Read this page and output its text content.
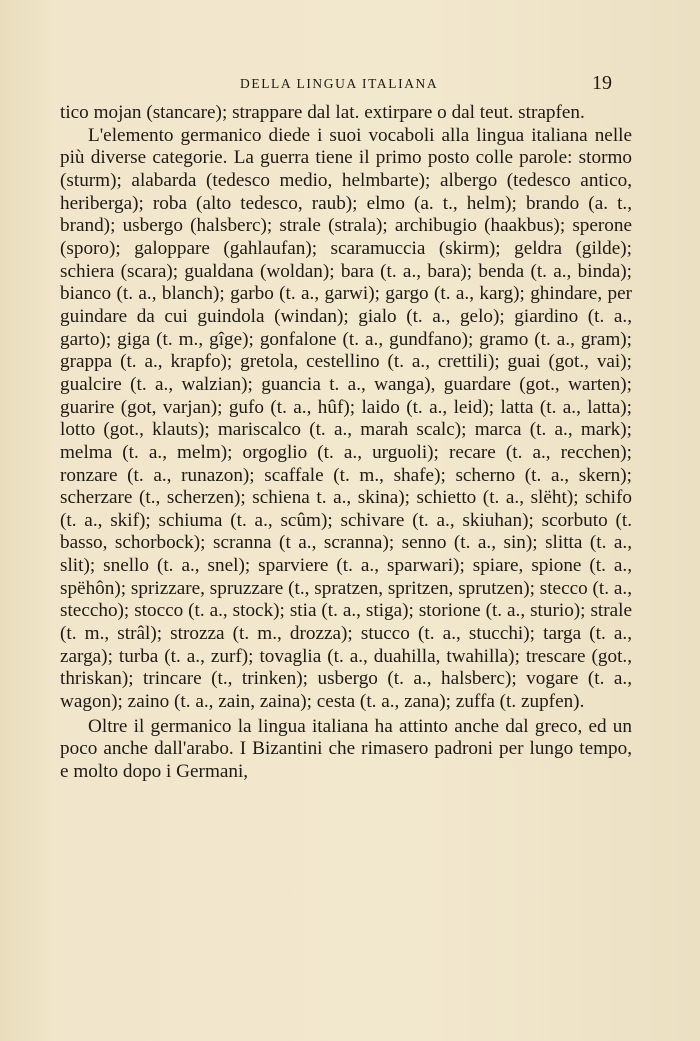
DELLA LINGUA ITALIANA	19

tico mojan (stancare); strappare dal lat. extirpare o dal teut. strapfen.

L'elemento germanico diede i suoi vocaboli alla lingua italiana nelle più diverse categorie. La guerra tiene il primo posto colle parole: stormo (sturm); alabarda (tedesco medio, helmbarte); albergo (tedesco antico, heriberga); roba (alto tedesco, raub); elmo (a. t., helm); brando (a. t., brand); usbergo (halsberc); strale (strala); archibugio (haakbus); sperone (sporo); galoppare (gahlaufan); scaramuccia (skirm); geldra (gilde); schiera (scara); gualdana (woldan); bara (t. a., bara); benda (t. a., binda); bianco (t. a., blanch); garbo (t. a., garwi); gargo (t. a., karg); ghindare, per guindare da cui guindola (windan); gialo (t. a., gelo); giardino (t. a., garto); giga (t. m., gîge); gonfalone (t. a., gundfano); gramo (t. a., gram); grappa (t. a., krapfo); gretola, cestellino (t. a., crettili); guai (got., vai); gualcire (t. a., walzian); guancia t. a., wanga), guardare (got., warten); guarire (got, varjan); gufo (t. a., hûf); laido (t. a., leid); latta (t. a., latta); lotto (got., klauts); mariscalco (t. a., marah scalc); marca (t. a., mark); melma (t. a., melm); orgoglio (t. a., urguoli); recare (t. a., recchen); ronzare (t. a., runazon); scaffale (t. m., shafe); scherno (t. a., skern); scherzare (t., scherzen); schiena t. a., skina); schietto (t. a., slëht); schifo (t. a., skif); schiuma (t. a., scûm); schivare (t. a., skiuhan); scorbuto (t. basso, schorbock); scranna (t a., scranna); senno (t. a., sin); slitta (t. a., slit); snello (t. a., snel); sparviere (t. a., sparwari); spiare, spione (t. a., spëhôn); sprizzare, spruzzare (t., spratzen, spritzen, sprutzen); stecco (t. a., steccho); stocco (t. a., stock); stia (t. a., stiga); storione (t. a., sturio); strale (t. m., strâl); strozza (t. m., drozza); stucco (t. a., stucchi); targa (t. a., zarga); turba (t. a., zurf); tovaglia (t. a., duahilla, twahilla); trescare (got., thriskan); trincare (t., trinken); usbergo (t. a., halsberc); vogare (t. a., wagon); zaino (t. a., zain, zaina); cesta (t. a., zana); zuffa (t. zupfen).

Oltre il germanico la lingua italiana ha attinto anche dal greco, ed un poco anche dall'arabo. I Bizantini che rimasero padroni per lungo tempo, e molto dopo i Germani,
